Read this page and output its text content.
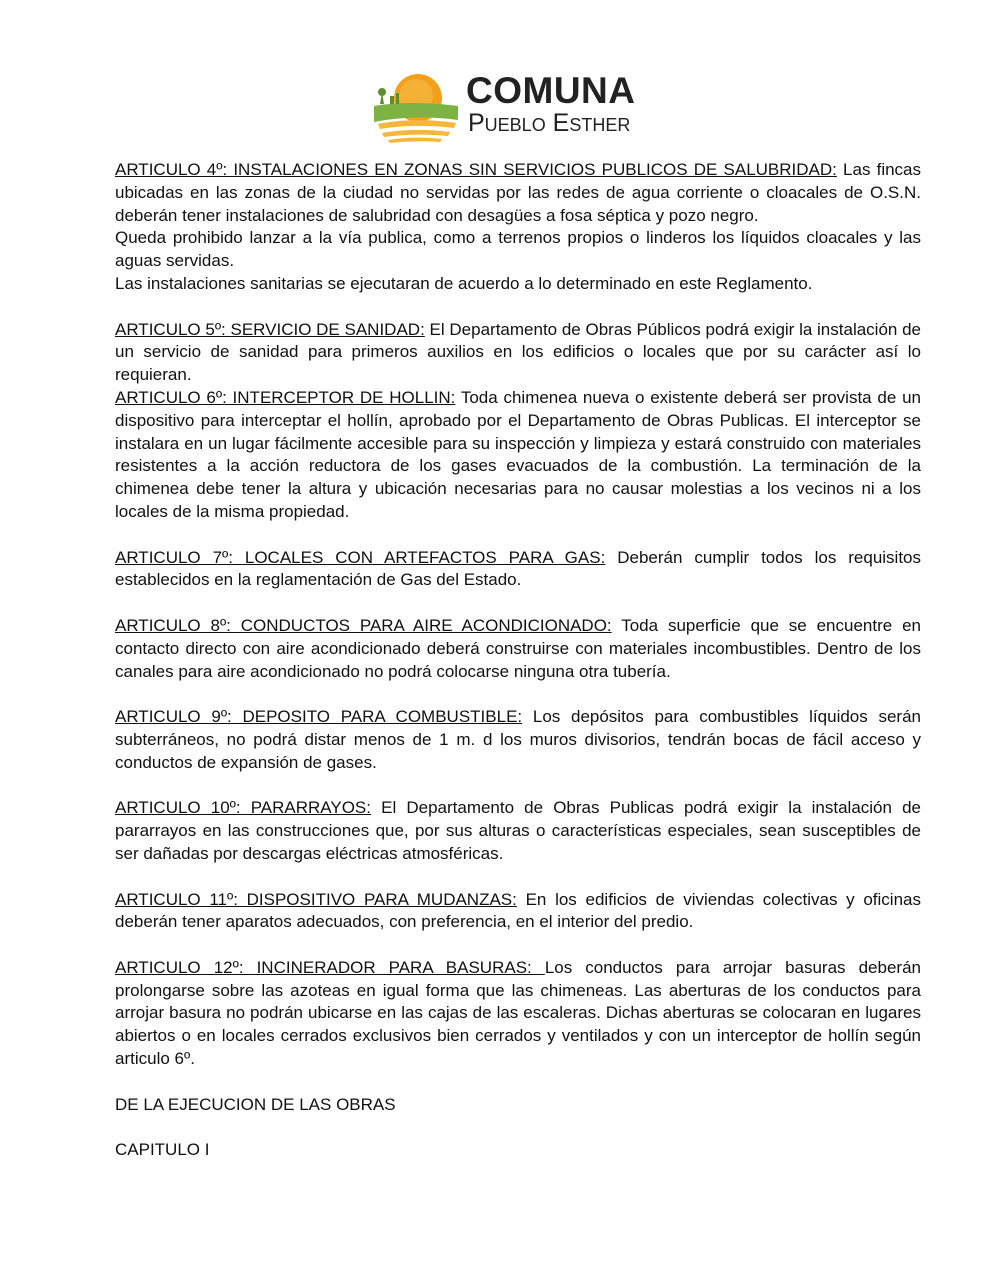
COMUNA
Pueblo Esther

ARTICULO 4º: INSTALACIONES EN ZONAS SIN SERVICIOS PUBLICOS DE SALUBRIDAD: Las fincas ubicadas en las zonas de la ciudad no servidas por las redes de agua corriente o cloacales de O.S.N. deberán tener instalaciones de salubridad con desagües a fosa séptica y pozo negro.

Queda prohibido lanzar a la vía publica, como a terrenos propios o linderos los líquidos cloacales y las aguas servidas.

Las instalaciones sanitarias se ejecutaran de acuerdo a lo determinado en este Reglamento.

ARTICULO 5º: SERVICIO DE SANIDAD: El Departamento de Obras Públicos podrá exigir la instalación de un servicio de sanidad para primeros auxilios en los edificios o locales que por su carácter así lo requieran.

ARTICULO 6º: INTERCEPTOR DE HOLLIN: Toda chimenea nueva o existente deberá ser provista de un dispositivo para interceptar el hollín, aprobado por el Departamento de Obras Publicas. El interceptor se instalara en un lugar fácilmente accesible para su inspección y limpieza y estará construido con materiales resistentes a la acción reductora de los gases evacuados de la combustión. La terminación de la chimenea debe tener la altura y ubicación necesarias para no causar molestias a los vecinos ni a los locales de la misma propiedad.

ARTICULO 7º: LOCALES CON ARTEFACTOS PARA GAS: Deberán cumplir todos los requisitos establecidos en la reglamentación de Gas del Estado.

ARTICULO 8º: CONDUCTOS PARA AIRE ACONDICIONADO: Toda superficie que se encuentre en contacto directo con aire acondicionado deberá construirse con materiales incombustibles. Dentro de los canales para aire acondicionado no podrá colocarse ninguna otra tubería.

ARTICULO 9º: DEPOSITO PARA COMBUSTIBLE: Los depósitos para combustibles líquidos serán subterráneos, no podrá distar menos de 1 m. d los muros divisorios, tendrán bocas de fácil acceso y conductos de expansión de gases.

ARTICULO 10º: PARARRAYOS: El Departamento de Obras Publicas podrá exigir la instalación de pararrayos en las construcciones que, por sus alturas o características especiales, sean susceptibles de ser dañadas por descargas eléctricas atmosféricas.

ARTICULO 11º: DISPOSITIVO PARA MUDANZAS: En los edificios de viviendas colectivas y oficinas deberán tener aparatos adecuados, con preferencia, en el interior del predio.

ARTICULO 12º: INCINERADOR PARA BASURAS: Los conductos para arrojar basuras deberán prolongarse sobre las azoteas en igual forma que las chimeneas. Las aberturas de los conductos para arrojar basura no podrán ubicarse en las cajas de las escaleras. Dichas aberturas se colocaran en lugares abiertos o en locales cerrados exclusivos bien cerrados y ventilados y con un interceptor de hollín según articulo 6º.

DE LA EJECUCION DE LAS OBRAS

CAPITULO I
